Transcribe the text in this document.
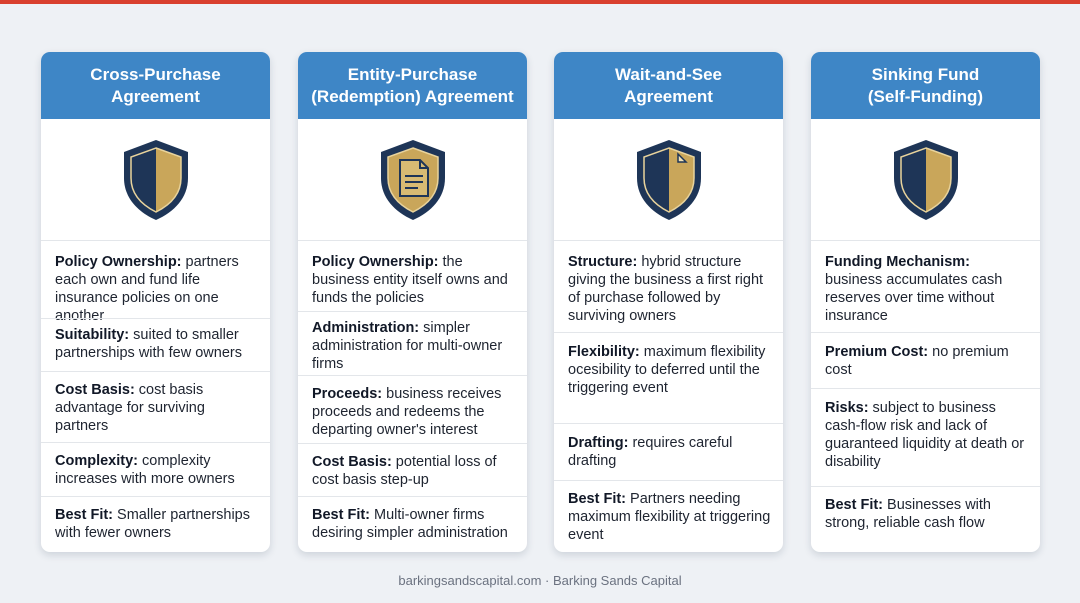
Cross-Purchase
Agreement
Policy Ownership: partners each own and fund life insurance policies on one another
Suitability: suited to smaller partnerships with few owners
Cost Basis: cost basis advantage for surviving partners
Complexity: complexity increases with more owners
Best Fit: Smaller partnerships with fewer owners
Entity-Purchase
(Redemption) Agreement
Policy Ownership: the business entity itself owns and funds the policies
Administration: simpler administration for multi-owner firms
Proceeds: business receives proceeds and redeems the departing owner's interest
Cost Basis: potential loss of cost basis step-up
Best Fit: Multi-owner firms desiring simpler administration
Wait-and-See
Agreement
Structure: hybrid structure giving the business a first right of purchase followed by surviving owners
Flexibility: maximum flexibility ocesibility to deferred until the triggering event
Drafting: requires careful drafting
Best Fit: Partners needing maximum flexibility at triggering event
Sinking Fund
(Self-Funding)
Funding Mechanism: business accumulates cash reserves over time without insurance
Premium Cost: no premium cost
Risks: subject to business cash-flow risk and lack of guaranteed liquidity at death or disability
Best Fit: Businesses with strong, reliable cash flow
barkingsandscapital.com · Barking Sands Capital
